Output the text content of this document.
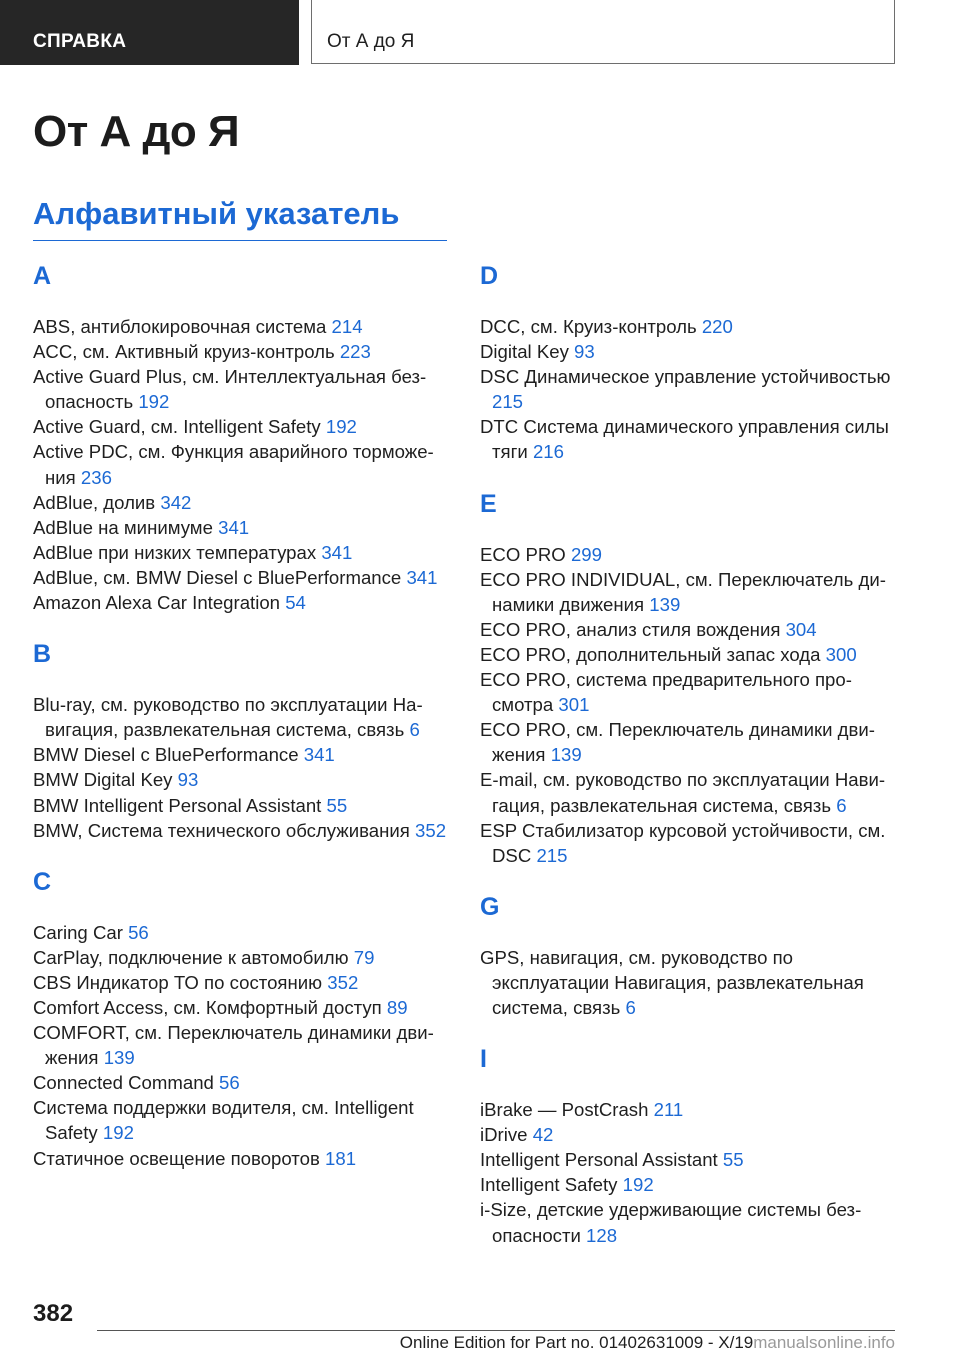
СПРАВКА	От А до Я
От А до Я
Алфавитный указатель
A
ABS, антиблокировочная система 214
ACC, см. Активный круиз-контроль 223
Active Guard Plus, см. Интеллектуальная безопасность 192
Active Guard, см. Intelligent Safety 192
Active PDC, см. Функция аварийного торможения 236
AdBlue, долив 342
AdBlue на минимуме 341
AdBlue при низких температурах 341
AdBlue, см. BMW Diesel с BluePerformance 341
Amazon Alexa Car Integration 54
B
Blu-ray, см. руководство по эксплуатации Навигация, развлекательная система, связь 6
BMW Diesel с BluePerformance 341
BMW Digital Key 93
BMW Intelligent Personal Assistant 55
BMW, Система технического обслуживания 352
C
Caring Car 56
CarPlay, подключение к автомобилю 79
CBS Индикатор ТО по состоянию 352
Comfort Access, см. Комфортный доступ 89
COMFORT, см. Переключатель динамики движения 139
Connected Command 56
Система поддержки водителя, см. Intelligent Safety 192
Статичное освещение поворотов 181
D
DCC, см. Круиз-контроль 220
Digital Key 93
DSC Динамическое управление устойчивостью 215
DTC Система динамического управления силы тяги 216
E
ECO PRO 299
ECO PRO INDIVIDUAL, см. Переключатель динамики движения 139
ECO PRO, анализ стиля вождения 304
ECO PRO, дополнительный запас хода 300
ECO PRO, система предварительного просмотра 301
ECO PRO, см. Переключатель динамики движения 139
E-mail, см. руководство по эксплуатации Навигация, развлекательная система, связь 6
ESP Стабилизатор курсовой устойчивости, см. DSC 215
G
GPS, навигация, см. руководство по эксплуатации Навигация, развлекательная система, связь 6
I
iBrake — PostCrash 211
iDrive 42
Intelligent Personal Assistant 55
Intelligent Safety 192
i-Size, детские удерживающие системы безопасности 128
382
Online Edition for Part no. 01402631009 - X/19manualsonline.info
